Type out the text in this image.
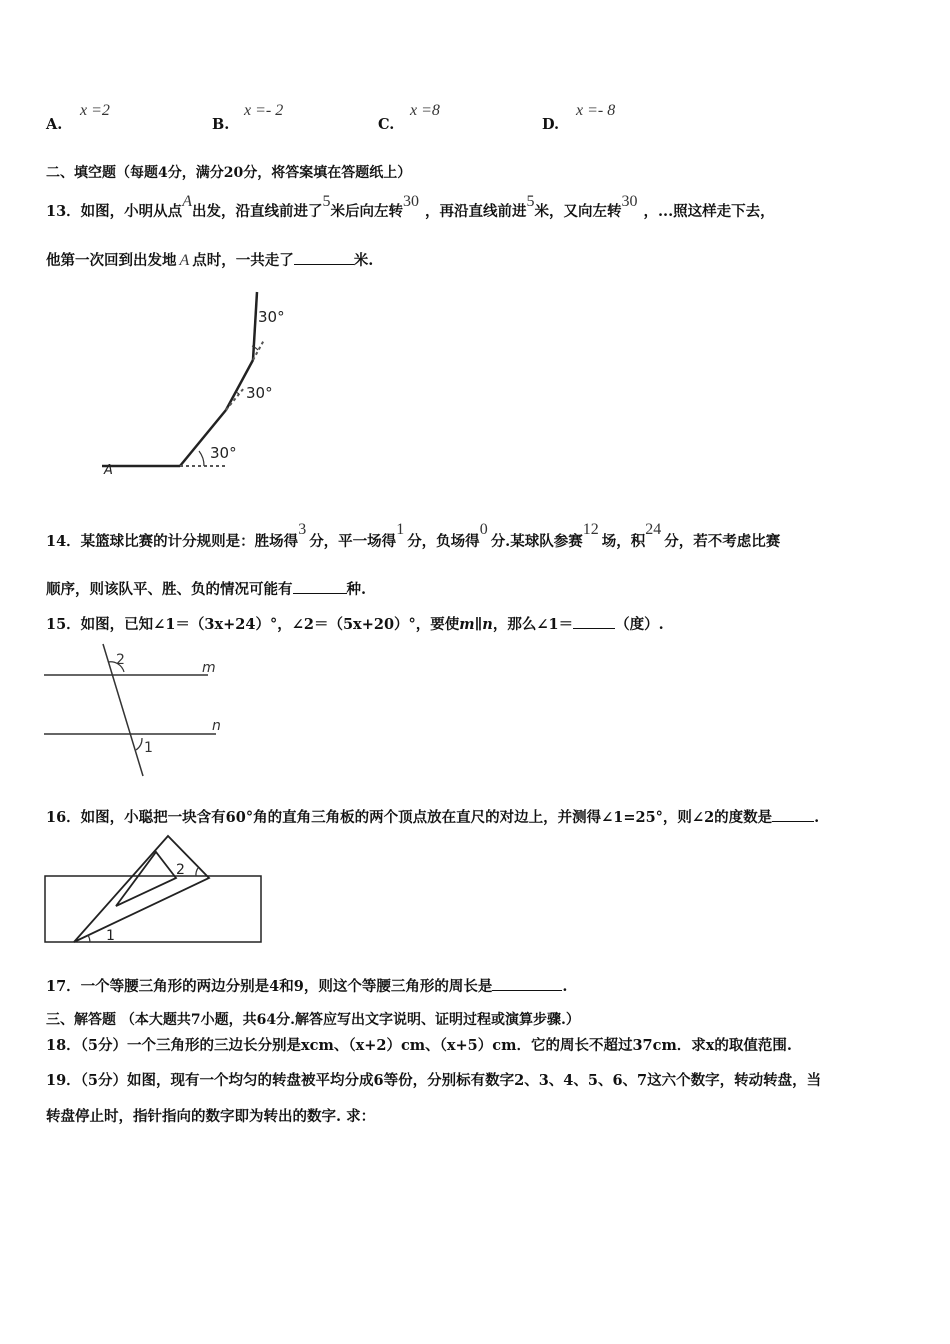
A.
x =2
B.
x =- 2
C.
x =8
D.
x =- 8
二、填空题（每题4分，满分20分，将答案填在答题纸上）
13．如图，小明从点A出发，沿直线前进了5米后向左转30，再沿直线前进5米，又向左转30，...照这样走下去，
他第一次回到出发地 A 点时，一共走了	米.
30°
30°
30°
A
14．某篮球比赛的计分规则是：胜场得3分，平一场得1分，负场得0分.某球队参赛12场，积24分，若不考虑比赛
顺序，则该队平、胜、负的情况可能有	种.
15．如图，已知∠1＝（3x+24）°，∠2＝（5x+20）°，要使m∥n，那么∠1＝	（度）.
2
1
m
n
16．如图，小聪把一块含有60°角的直角三角板的两个顶点放在直尺的对边上，并测得∠1=25°，则∠2的度数是	.
1
2
17．一个等腰三角形的两边分别是4和9，则这个等腰三角形的周长是	.
三、解答题 （本大题共7小题，共64分.解答应写出文字说明、证明过程或演算步骤.）
18．（5分）一个三角形的三边长分别是xcm、（x+2）cm、（x+5）cm．它的周长不超过37cm．求x的取值范围.
19．（5分）如图，现有一个均匀的转盘被平均分成6等份，分别标有数字2、3、4、5、6、7这六个数字，转动转盘，当
转盘停止时，指针指向的数字即为转出的数字. 求：
